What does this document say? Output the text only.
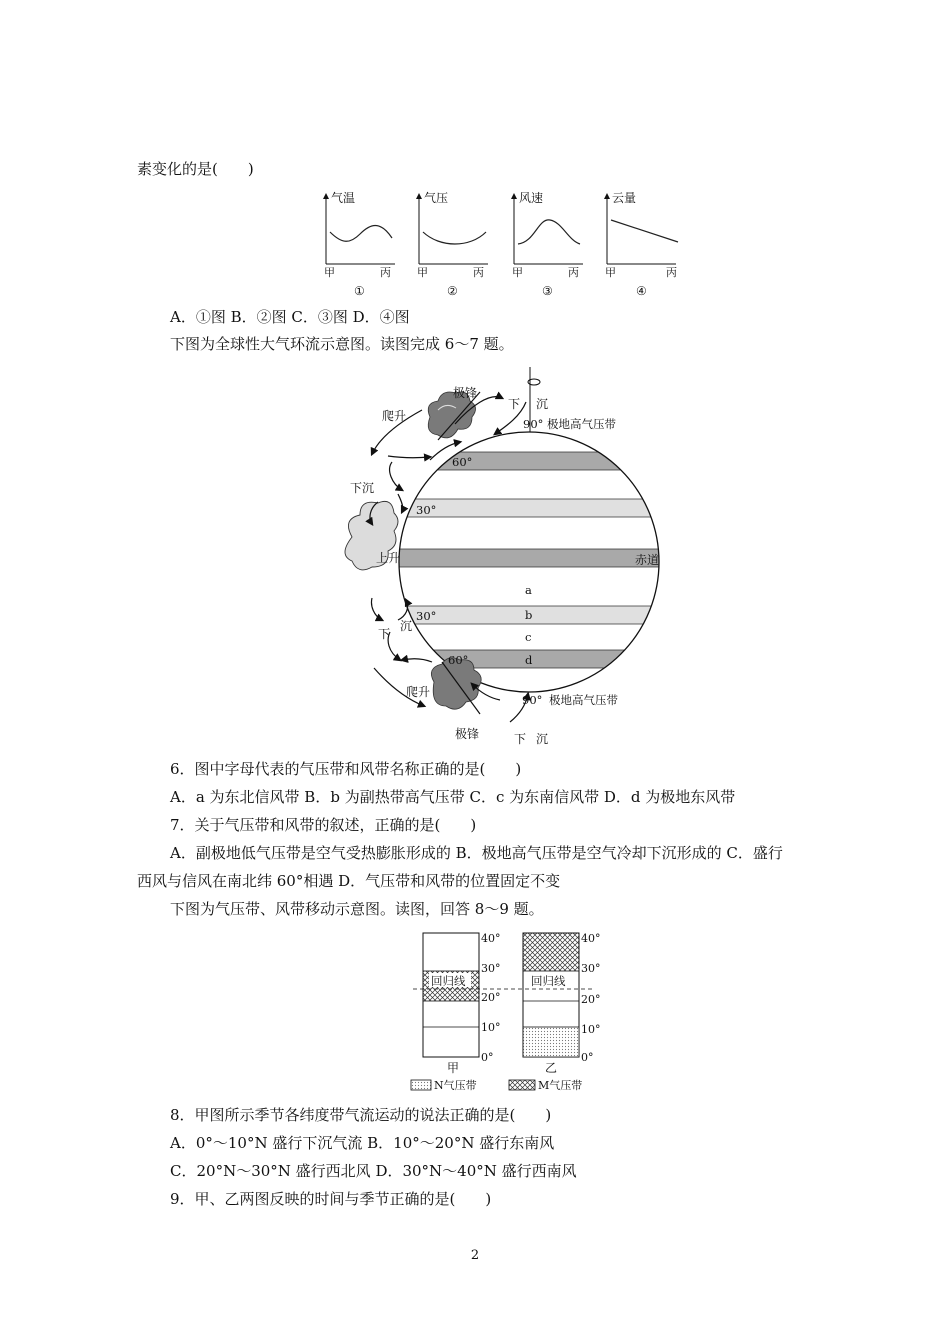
素变化的是(　　)
气温
甲	丙
①
气压
甲	丙
②
风速
甲	丙
③
云量
甲	丙
④
A．①图 B．②图 C．③图 D．④图
下图为全球性大气环流示意图。读图完成 6～7 题。
极锋
爬升
下 沉
90° 极地高气压带
60°
下沉
30°
上升	赤道
a
b
c
d
30°
60°
下
沉
爬升
90° 极地高气压带
极锋	下 沉
6．图中字母代表的气压带和风带名称正确的是(　　)
A．a 为东北信风带 B．b 为副热带高气压带 C．c 为东南信风带 D．d 为极地东风带
7．关于气压带和风带的叙述，正确的是(　　)
A．副极地低气压带是空气受热膨胀形成的 B．极地高气压带是空气冷却下沉形成的 C．盛行
西风与信风在南北纬 60°相遇 D．气压带和风带的位置固定不变
下图为气压带、风带移动示意图。读图，回答 8～9 题。
回归线
40°
30°
20°
10°
0°
回归线
40°
30°
20°
10°
0°
甲	乙
N气压带	M气压带
8．甲图所示季节各纬度带气流运动的说法正确的是(　　)
A．0°～10°N 盛行下沉气流 B．10°～20°N 盛行东南风
C．20°N～30°N 盛行西北风 D．30°N～40°N 盛行西南风
9．甲、乙两图反映的时间与季节正确的是(　　)
2
